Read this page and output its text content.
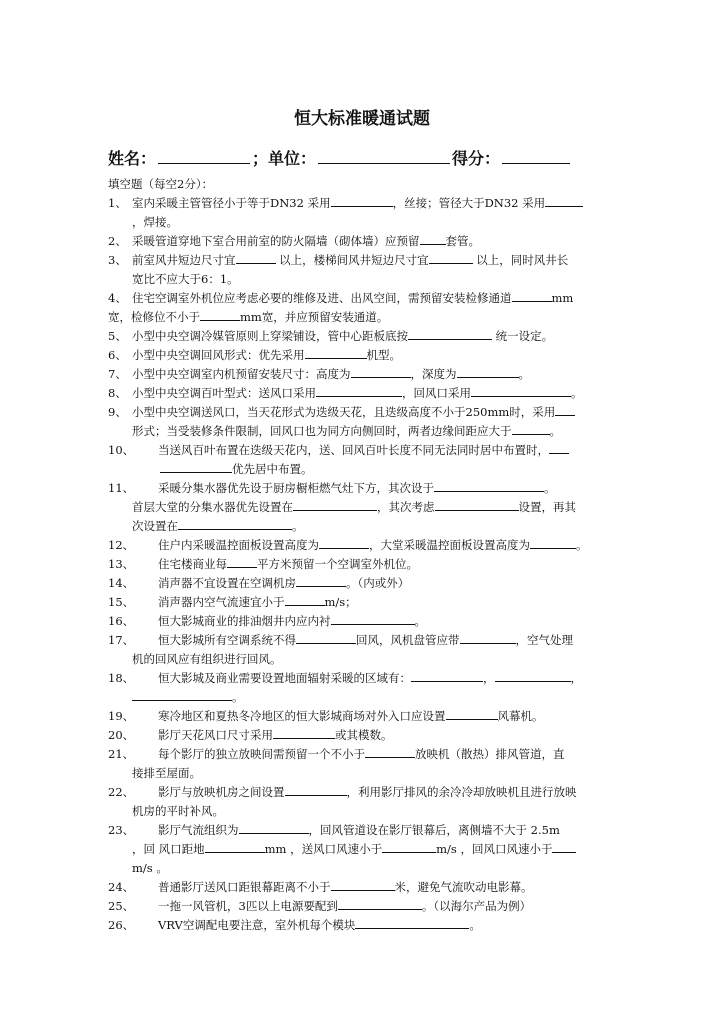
恒大标准暖通试题
姓名：	；单位：	得分：
填空题（每空2分）：
1、 室内采暖主管管径小于等于DN32 采用	，丝接；管径大于DN32 采用
，焊接。
2、 采暖管道穿地下室合用前室的防火隔墙（砌体墙）应预留 套管。
3、 前室风井短边尺寸宜	以上，楼梯间风井短边尺寸宜	以上，同时风井长
宽比不应大于6：1。
4、 住宅空调室外机位应考虑必要的维修及进、出风空间，需预留安装检修通道	mm
宽，检修位不小于	mm宽，并应预留安装通道。
5、 小型中央空调冷媒管原则上穿梁铺设，管中心距板底按	统一设定。
6、 小型中央空调回风形式：优先采用	机型。
7、 小型中央空调室内机预留安装尺寸：高度为	，深度为	。
8、 小型中央空调百叶型式：送风口采用	，回风口采用	。
9、 小型中央空调送风口，当天花形式为迭级天花，且迭级高度不小于250mm时，采用
形式；当受装修条件限制，回风口也为同方向侧回时，两者边缘间距应大于	。
10、	当送风百叶布置在迭级天花内，送、回风百叶长度不同无法同时居中布置时，
优先居中布置。
11、	采暖分集水器优先设于厨房橱柜燃气灶下方，其次设于	。
首层大堂的分集水器优先设置在	，其次考虑	设置，再其
次设置在	。
12、	住户内采暖温控面板设置高度为	，大堂采暖温控面板设置高度为	。
13、	住宅楼商业每	平方米预留一个空调室外机位。
14、	消声器不宜设置在空调机房	。（内或外）
15、	消声器内空气流速宜小于	m/s；
16、	恒大影城商业的排油烟井内应内衬	。
17、	恒大影城所有空调系统不得	回风，风机盘管应带	，空气处理
机的回风应有组织进行回风。
18、	恒大影城及商业需要设置地面辐射采暖的区域有：	，	，
。
19、	寒冷地区和夏热冬冷地区的恒大影城商场对外入口应设置	风幕机。
20、	影厅天花风口尺寸采用	或其模数。
21、	每个影厅的独立放映间需预留一个不小于	放映机（散热）排风管道，直
接排至屋面。
22、	影厅与放映机房之间设置	，利用影厅排风的余冷冷却放映机且进行放映
机房的平时补风。
23、	影厅气流组织为	，回风管道设在影厅银幕后，离侧墙不大于 2.5m
，回 风口距地	mm ，送风口风速小于	m/s ，回风口风速小于
m/s 。
24、	普通影厅送风口距银幕距离不小于	米，避免气流吹动电影幕。
25、	一拖一风管机，3匹以上电源要配到	。（以海尔产品为例）
26、	VRV空调配电要注意，室外机每个模块	。
